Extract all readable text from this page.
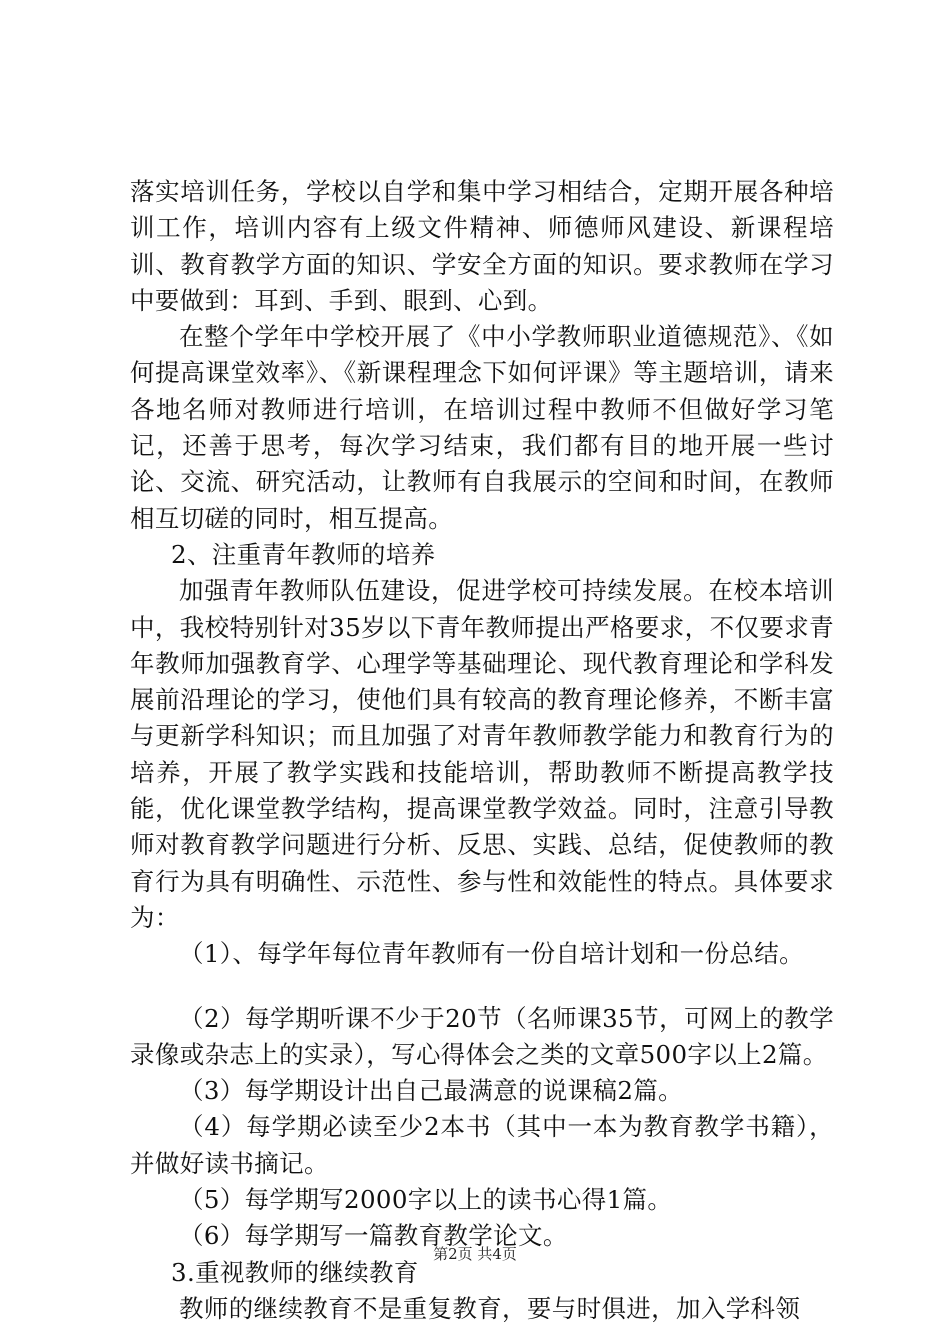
落实培训任务，学校以自学和集中学习相结合，定期开展各种培训工作，培训内容有上级文件精神、师德师风建设、新课程培训、教育教学方面的知识、学安全方面的知识。要求教师在学习中要做到：耳到、手到、眼到、心到。

在整个学年中学校开展了《中小学教师职业道德规范》、《如何提高课堂效率》、《新课程理念下如何评课》等主题培训，请来各地名师对教师进行培训，在培训过程中教师不但做好学习笔记，还善于思考，每次学习结束，我们都有目的地开展一些讨论、交流、研究活动，让教师有自我展示的空间和时间，在教师相互切磋的同时，相互提高。

2、注重青年教师的培养

加强青年教师队伍建设，促进学校可持续发展。在校本培训中，我校特别针对35岁以下青年教师提出严格要求，不仅要求青年教师加强教育学、心理学等基础理论、现代教育理论和学科发展前沿理论的学习，使他们具有较高的教育理论修养，不断丰富与更新学科知识；而且加强了对青年教师教学能力和教育行为的培养，开展了教学实践和技能培训，帮助教师不断提高教学技能，优化课堂教学结构，提高课堂教学效益。同时，注意引导教师对教育教学问题进行分析、反思、实践、总结，促使教师的教育行为具有明确性、示范性、参与性和效能性的特点。具体要求为：

（1）、每学年每位青年教师有一份自培计划和一份总结。

（2）每学期听课不少于20节（名师课35节，可网上的教学录像或杂志上的实录），写心得体会之类的文章500字以上2篇。

（3）每学期设计出自己最满意的说课稿2篇。

（4）每学期必读至少2本书（其中一本为教育教学书籍），并做好读书摘记。

（5）每学期写2000字以上的读书心得1篇。

（6）每学期写一篇教育教学论文。

3.重视教师的继续教育

教师的继续教育不是重复教育，要与时俱进，加入学科领

第2页 共4页
